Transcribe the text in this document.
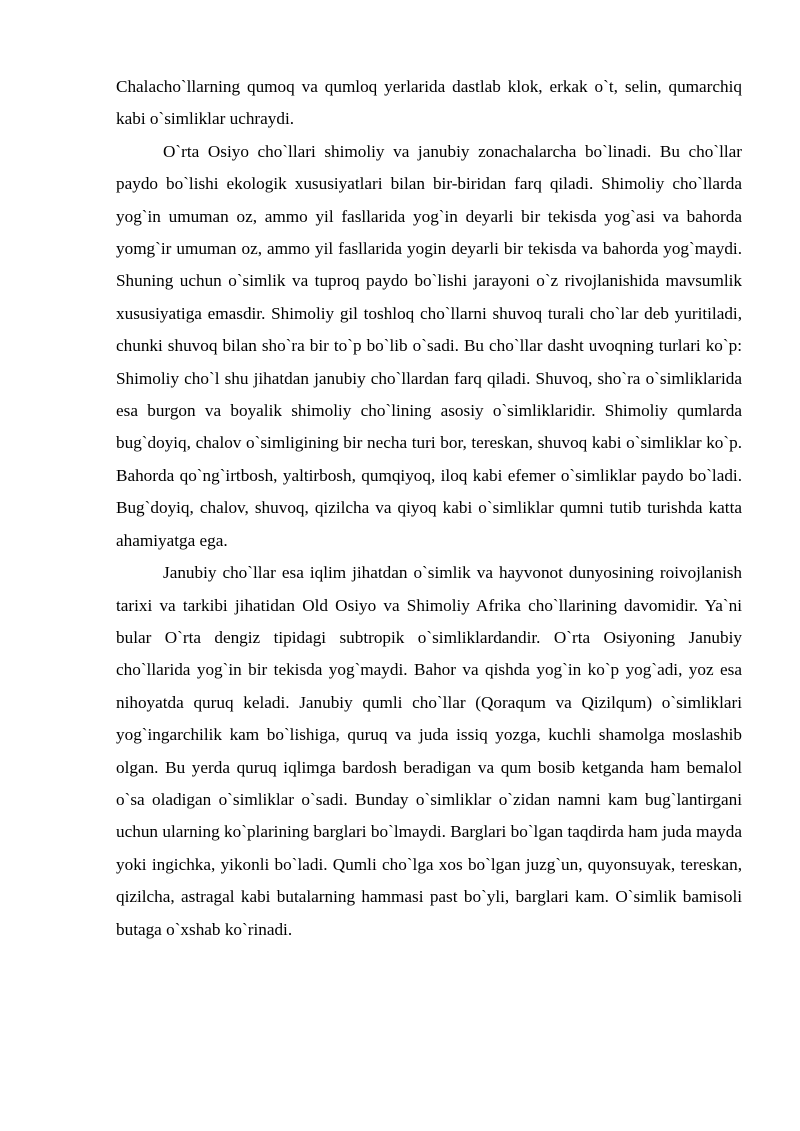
Chalacho`llarning qumoq va qumloq yerlarida dastlab klok, erkak o`t, selin, qumarchiq kabi o`simliklar uchraydi.

O`rta Osiyo cho`llari shimoliy va janubiy zonachalarcha bo`linadi. Bu cho`llar paydo bo`lishi ekologik xususiyatlari bilan bir-biridan farq qiladi. Shimoliy cho`llarda yog`in umuman oz, ammo yil fasllarida yog`in deyarli bir tekisda yog`asi va bahorda yomg`ir umuman oz, ammo yil fasllarida yogin deyarli bir tekisda va bahorda yog`maydi. Shuning uchun o`simlik va tuproq paydo bo`lishi jarayoni o`z rivojlanishida mavsumlik xususiyatiga emasdir. Shimoliy gil toshloq cho`llarni shuvoq turali cho`lar deb yuritiladi, chunki shuvoq bilan sho`ra bir to`p bo`lib o`sadi. Bu cho`llar dasht uvoqning turlari ko`p: Shimoliy cho`l shu jihatdan janubiy cho`llardan farq qiladi. Shuvoq, sho`ra o`simliklarida esa burgon va boyalik shimoliy cho`lining asosiy o`simliklaridir. Shimoliy qumlarda bug`doyiq, chalov o`simligining bir necha turi bor, tereskan, shuvoq kabi o`simliklar ko`p. Bahorda qo`ng`irtbosh, yaltirbosh, qumqiyoq, iloq kabi efemer o`simliklar paydo bo`ladi. Bug`doyiq, chalov, shuvoq, qizilcha va qiyoq kabi o`simliklar qumni tutib turishda katta ahamiyatga ega.

Janubiy cho`llar esa iqlim jihatdan o`simlik va hayvonot dunyosining roivojlanish tarixi va tarkibi jihatidan Old Osiyo va Shimoliy Afrika cho`llarining davomidir. Ya`ni bular O`rta dengiz tipidagi subtropik o`simliklardandir. O`rta Osiyoning Janubiy cho`llarida yog`in bir tekisda yog`maydi. Bahor va qishda yog`in ko`p yog`adi, yoz esa nihoyatda quruq keladi. Janubiy qumli cho`llar (Qoraqum va Qizilqum) o`simliklari yog`ingarchilik kam bo`lishiga, quruq va juda issiq yozga, kuchli shamolga moslashib olgan. Bu yerda quruq iqlimga bardosh beradigan va qum bosib ketganda ham bemalol o`sa oladigan o`simliklar o`sadi. Bunday o`simliklar o`zidan namni kam bug`lantirgani uchun ularning ko`plarining barglari bo`lmaydi. Barglari bo`lgan taqdirda ham juda mayda yoki ingichka, yikonli bo`ladi. Qumli cho`lga xos bo`lgan juzg`un, quyonsuyak, tereskan, qizilcha, astragal kabi butalarning hammasi past bo`yli, barglari kam. O`simlik bamisoli butaga o`xshab ko`rinadi.
